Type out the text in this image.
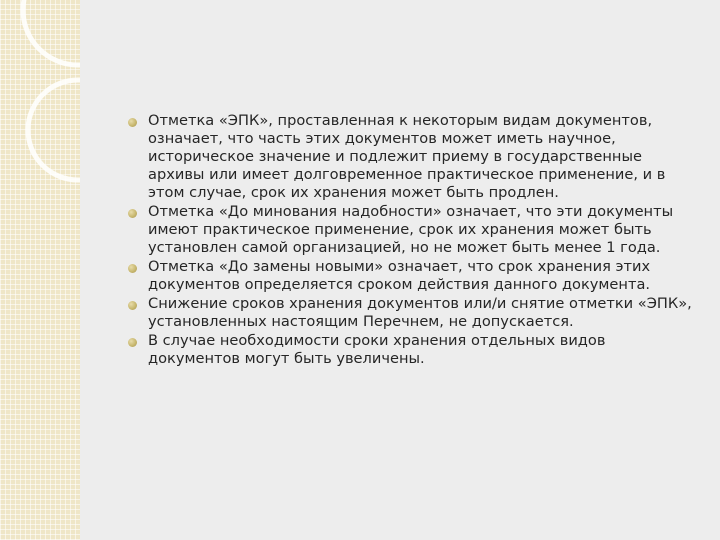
Отметка «ЭПК», проставленная к некоторым видам документов, означает, что часть этих документов может иметь научное, историческое значение и подлежит приему в государственные архивы или имеет долговременное практическое применение, и в этом случае, срок их хранения может быть продлен.
Отметка «До минования надобности» означает, что эти документы имеют практическое применение, срок их хранения может быть установлен самой организацией, но не может быть менее 1 года.
Отметка «До замены новыми» означает, что срок хранения этих документов определяется сроком действия данного документа.
Снижение сроков хранения документов или/и снятие отметки «ЭПК», установленных настоящим Перечнем, не допускается.
В случае необходимости сроки хранения отдельных видов документов могут быть увеличены.
